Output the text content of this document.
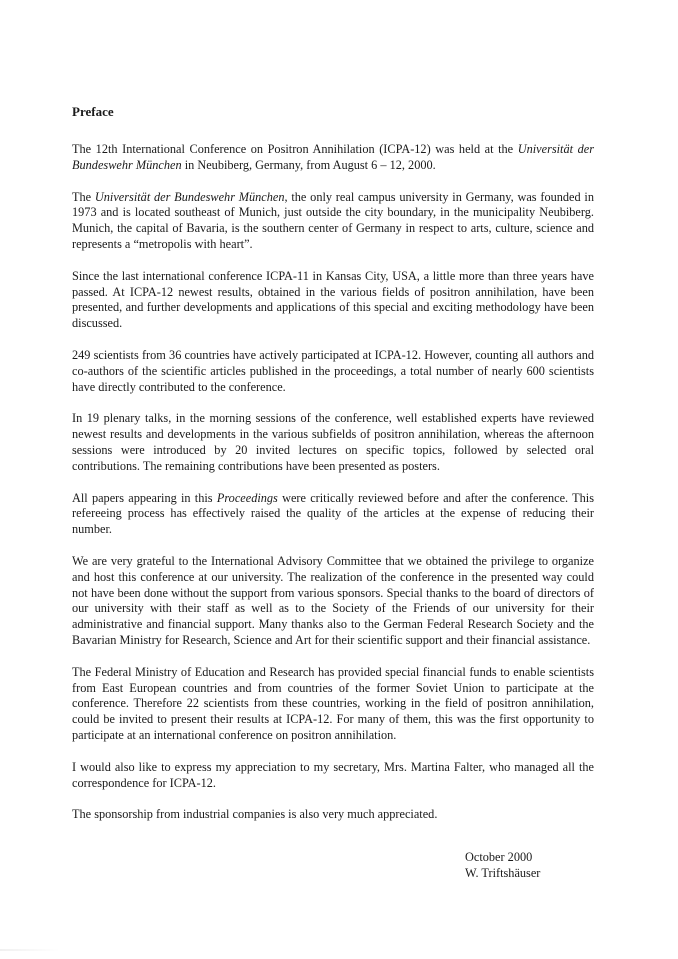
Preface

The 12th International Conference on Positron Annihilation (ICPA-12) was held at the Universität der Bundeswehr München in Neubiberg, Germany, from August 6 – 12, 2000.

The Universität der Bundeswehr München, the only real campus university in Germany, was founded in 1973 and is located southeast of Munich, just outside the city boundary, in the municipality Neubiberg. Munich, the capital of Bavaria, is the southern center of Germany in respect to arts, culture, science and represents a “metropolis with heart”.

Since the last international conference ICPA-11 in Kansas City, USA, a little more than three years have passed. At ICPA-12 newest results, obtained in the various fields of positron annihilation, have been presented, and further developments and applications of this special and exciting methodology have been discussed.

249 scientists from 36 countries have actively participated at ICPA-12. However, counting all authors and co-authors of the scientific articles published in the proceedings, a total number of nearly 600 scientists have directly contributed to the conference.

In 19 plenary talks, in the morning sessions of the conference, well established experts have reviewed newest results and developments in the various subfields of positron annihilation, whereas the afternoon sessions were introduced by 20 invited lectures on specific topics, followed by selected oral contributions. The remaining contributions have been presented as posters.

All papers appearing in this Proceedings were critically reviewed before and after the conference. This refereeing process has effectively raised the quality of the articles at the expense of reducing their number.

We are very grateful to the International Advisory Committee that we obtained the privilege to organize and host this conference at our university. The realization of the conference in the presented way could not have been done without the support from various sponsors. Special thanks to the board of directors of our university with their staff as well as to the Society of the Friends of our university for their administrative and financial support. Many thanks also to the German Federal Research Society and the Bavarian Ministry for Research, Science and Art for their scientific support and their financial assistance.

The Federal Ministry of Education and Research has provided special financial funds to enable scientists from East European countries and from countries of the former Soviet Union to participate at the conference. Therefore 22 scientists from these countries, working in the field of positron annihilation, could be invited to present their results at ICPA-12. For many of them, this was the first opportunity to participate at an international conference on positron annihilation.

I would also like to express my appreciation to my secretary, Mrs. Martina Falter, who managed all the correspondence for ICPA-12.

The sponsorship from industrial companies is also very much appreciated.

October 2000
W. Triftshäuser
